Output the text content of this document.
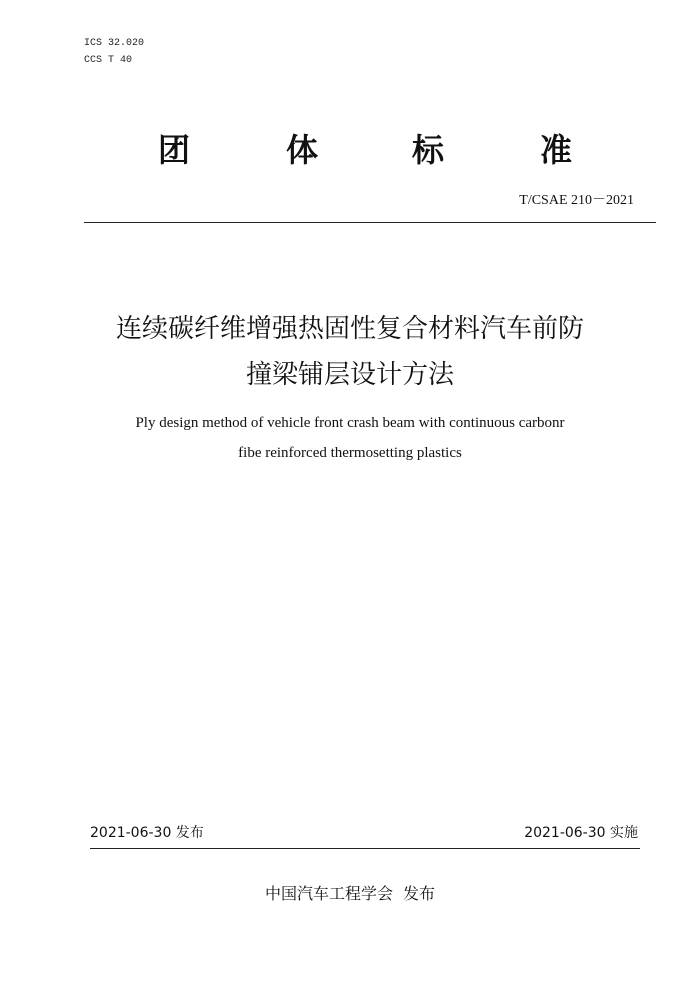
ICS 32.020
CCS T 40
团	体	标	准
T/CSAE 210－2021
连续碳纤维增强热固性复合材料汽车前防
撞梁铺层设计方法
Ply design method of vehicle front crash beam with continuous carbonr
fibe reinforced thermosetting plastics
2021-06-30 发布	2021-06-30 实施
中国汽车工程学会 发布
